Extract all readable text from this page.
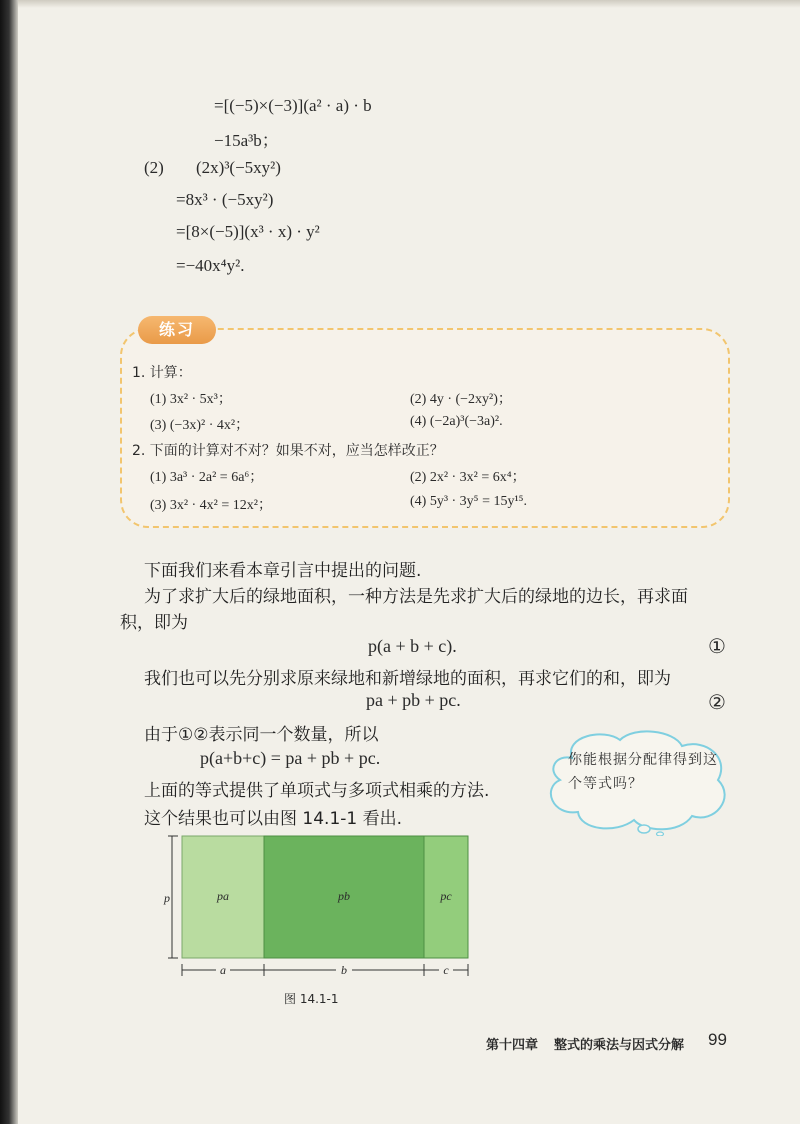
=[(−5)×(−3)](a² · a) · b
−15a³b；
(2) (2x)³(−5xy²)
=8x³ · (−5xy²)
=[8×(−5)](x³ · x) · y²
=−40x⁴y².
练习
1. 计算：
(1) 3x² · 5x³；	(2) 4y · (−2xy²)；
(3) (−3x)² · 4x²；	(4) (−2a)³(−3a)².
2. 下面的计算对不对？如果不对，应当怎样改正？
(1) 3a³ · 2a² = 6a⁶；	(2) 2x² · 3x² = 6x⁴；
(3) 3x² · 4x² = 12x²；	(4) 5y³ · 3y⁵ = 15y¹⁵.
下面我们来看本章引言中提出的问题.
为了求扩大后的绿地面积，一种方法是先求扩大后的绿地的边长，再求面
积，即为
p(a + b + c).	①
我们也可以先分别求原来绿地和新增绿地的面积，再求它们的和，即为
pa + pb + pc.	②
由于①②表示同一个数量，所以
p(a+b+c) = pa + pb + pc.
上面的等式提供了单项式与多项式相乘的方法.
这个结果也可以由图 14.1-1 看出.
你能根据分配律得到这个等式吗？
pa	pb	pc
p
a	b	c
图 14.1-1
第十四章 整式的乘法与因式分解	99
